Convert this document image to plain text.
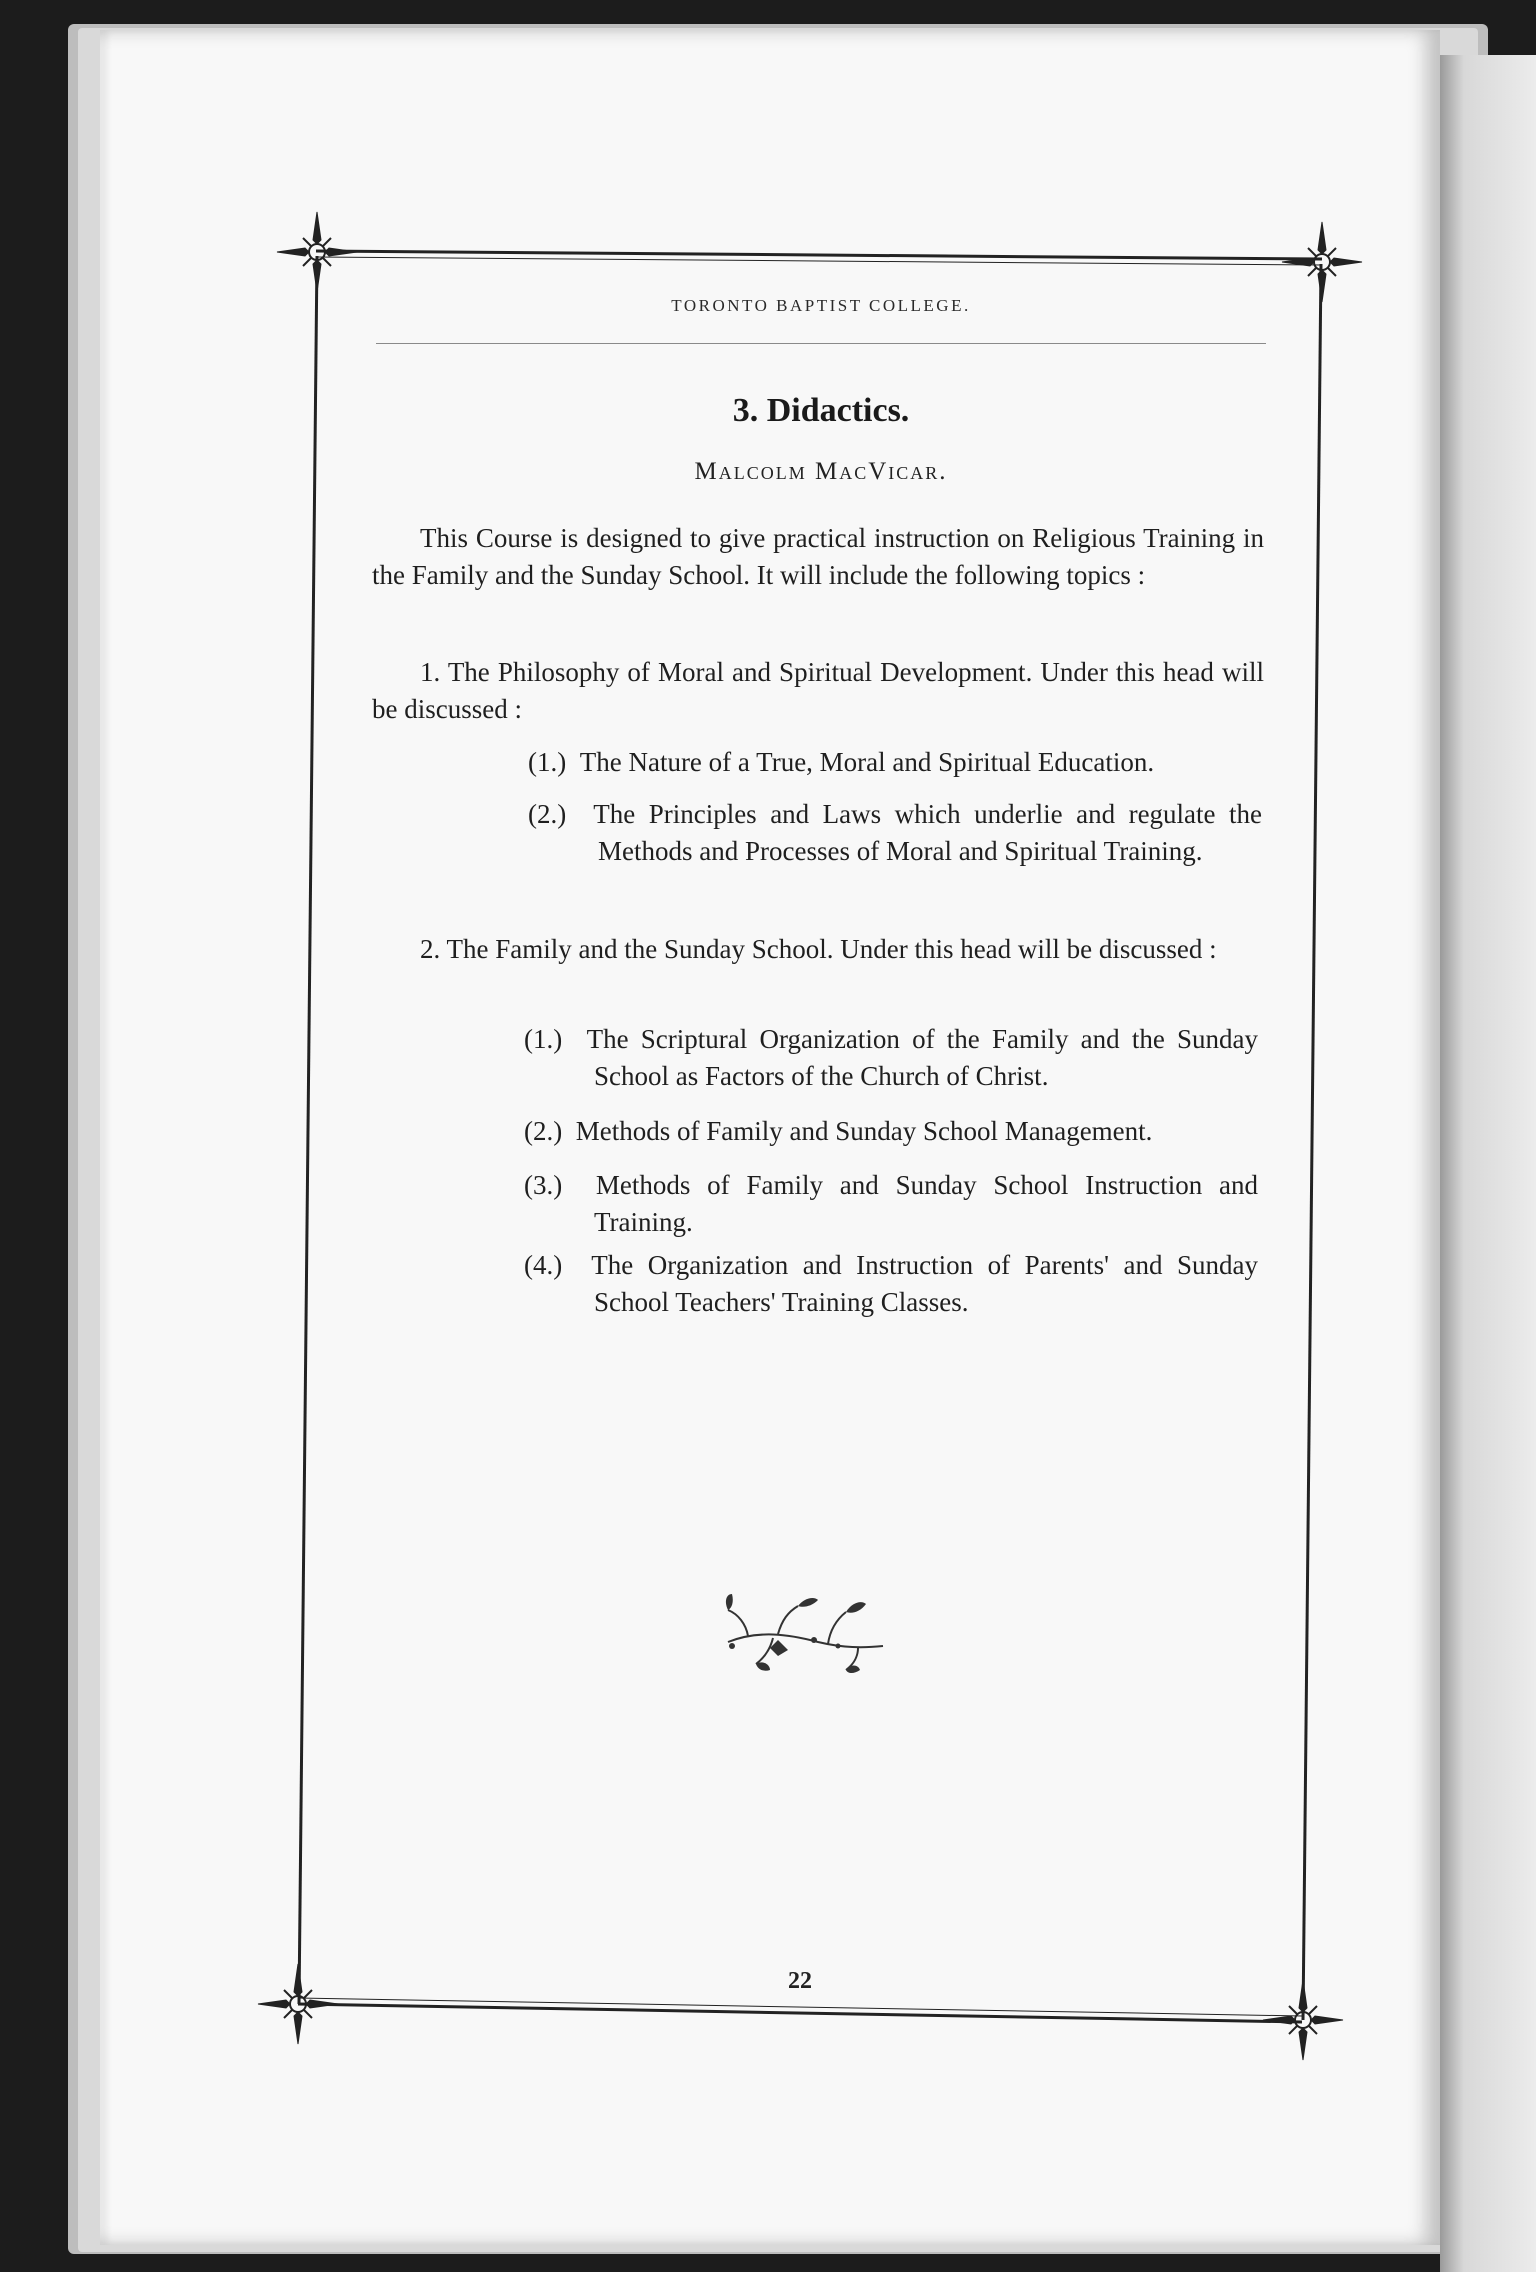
TORONTO BAPTIST COLLEGE.
3. Didactics.
Malcolm MacVicar.
This Course is designed to give practical instruction on Religious Training in the Family and the Sunday School. It will include the following topics :
1. The Philosophy of Moral and Spiritual Development. Under this head will be discussed :
(1.) The Nature of a True, Moral and Spiritual Education.
(2.) The Principles and Laws which underlie and regulate the Methods and Processes of Moral and Spiritual Training.
2. The Family and the Sunday School. Under this head will be discussed :
(1.) The Scriptural Organization of the Family and the Sunday School as Factors of the Church of Christ.
(2.) Methods of Family and Sunday School Management.
(3.) Methods of Family and Sunday School Instruction and Training.
(4.) The Organization and Instruction of Parents' and Sunday School Teachers' Training Classes.
22
